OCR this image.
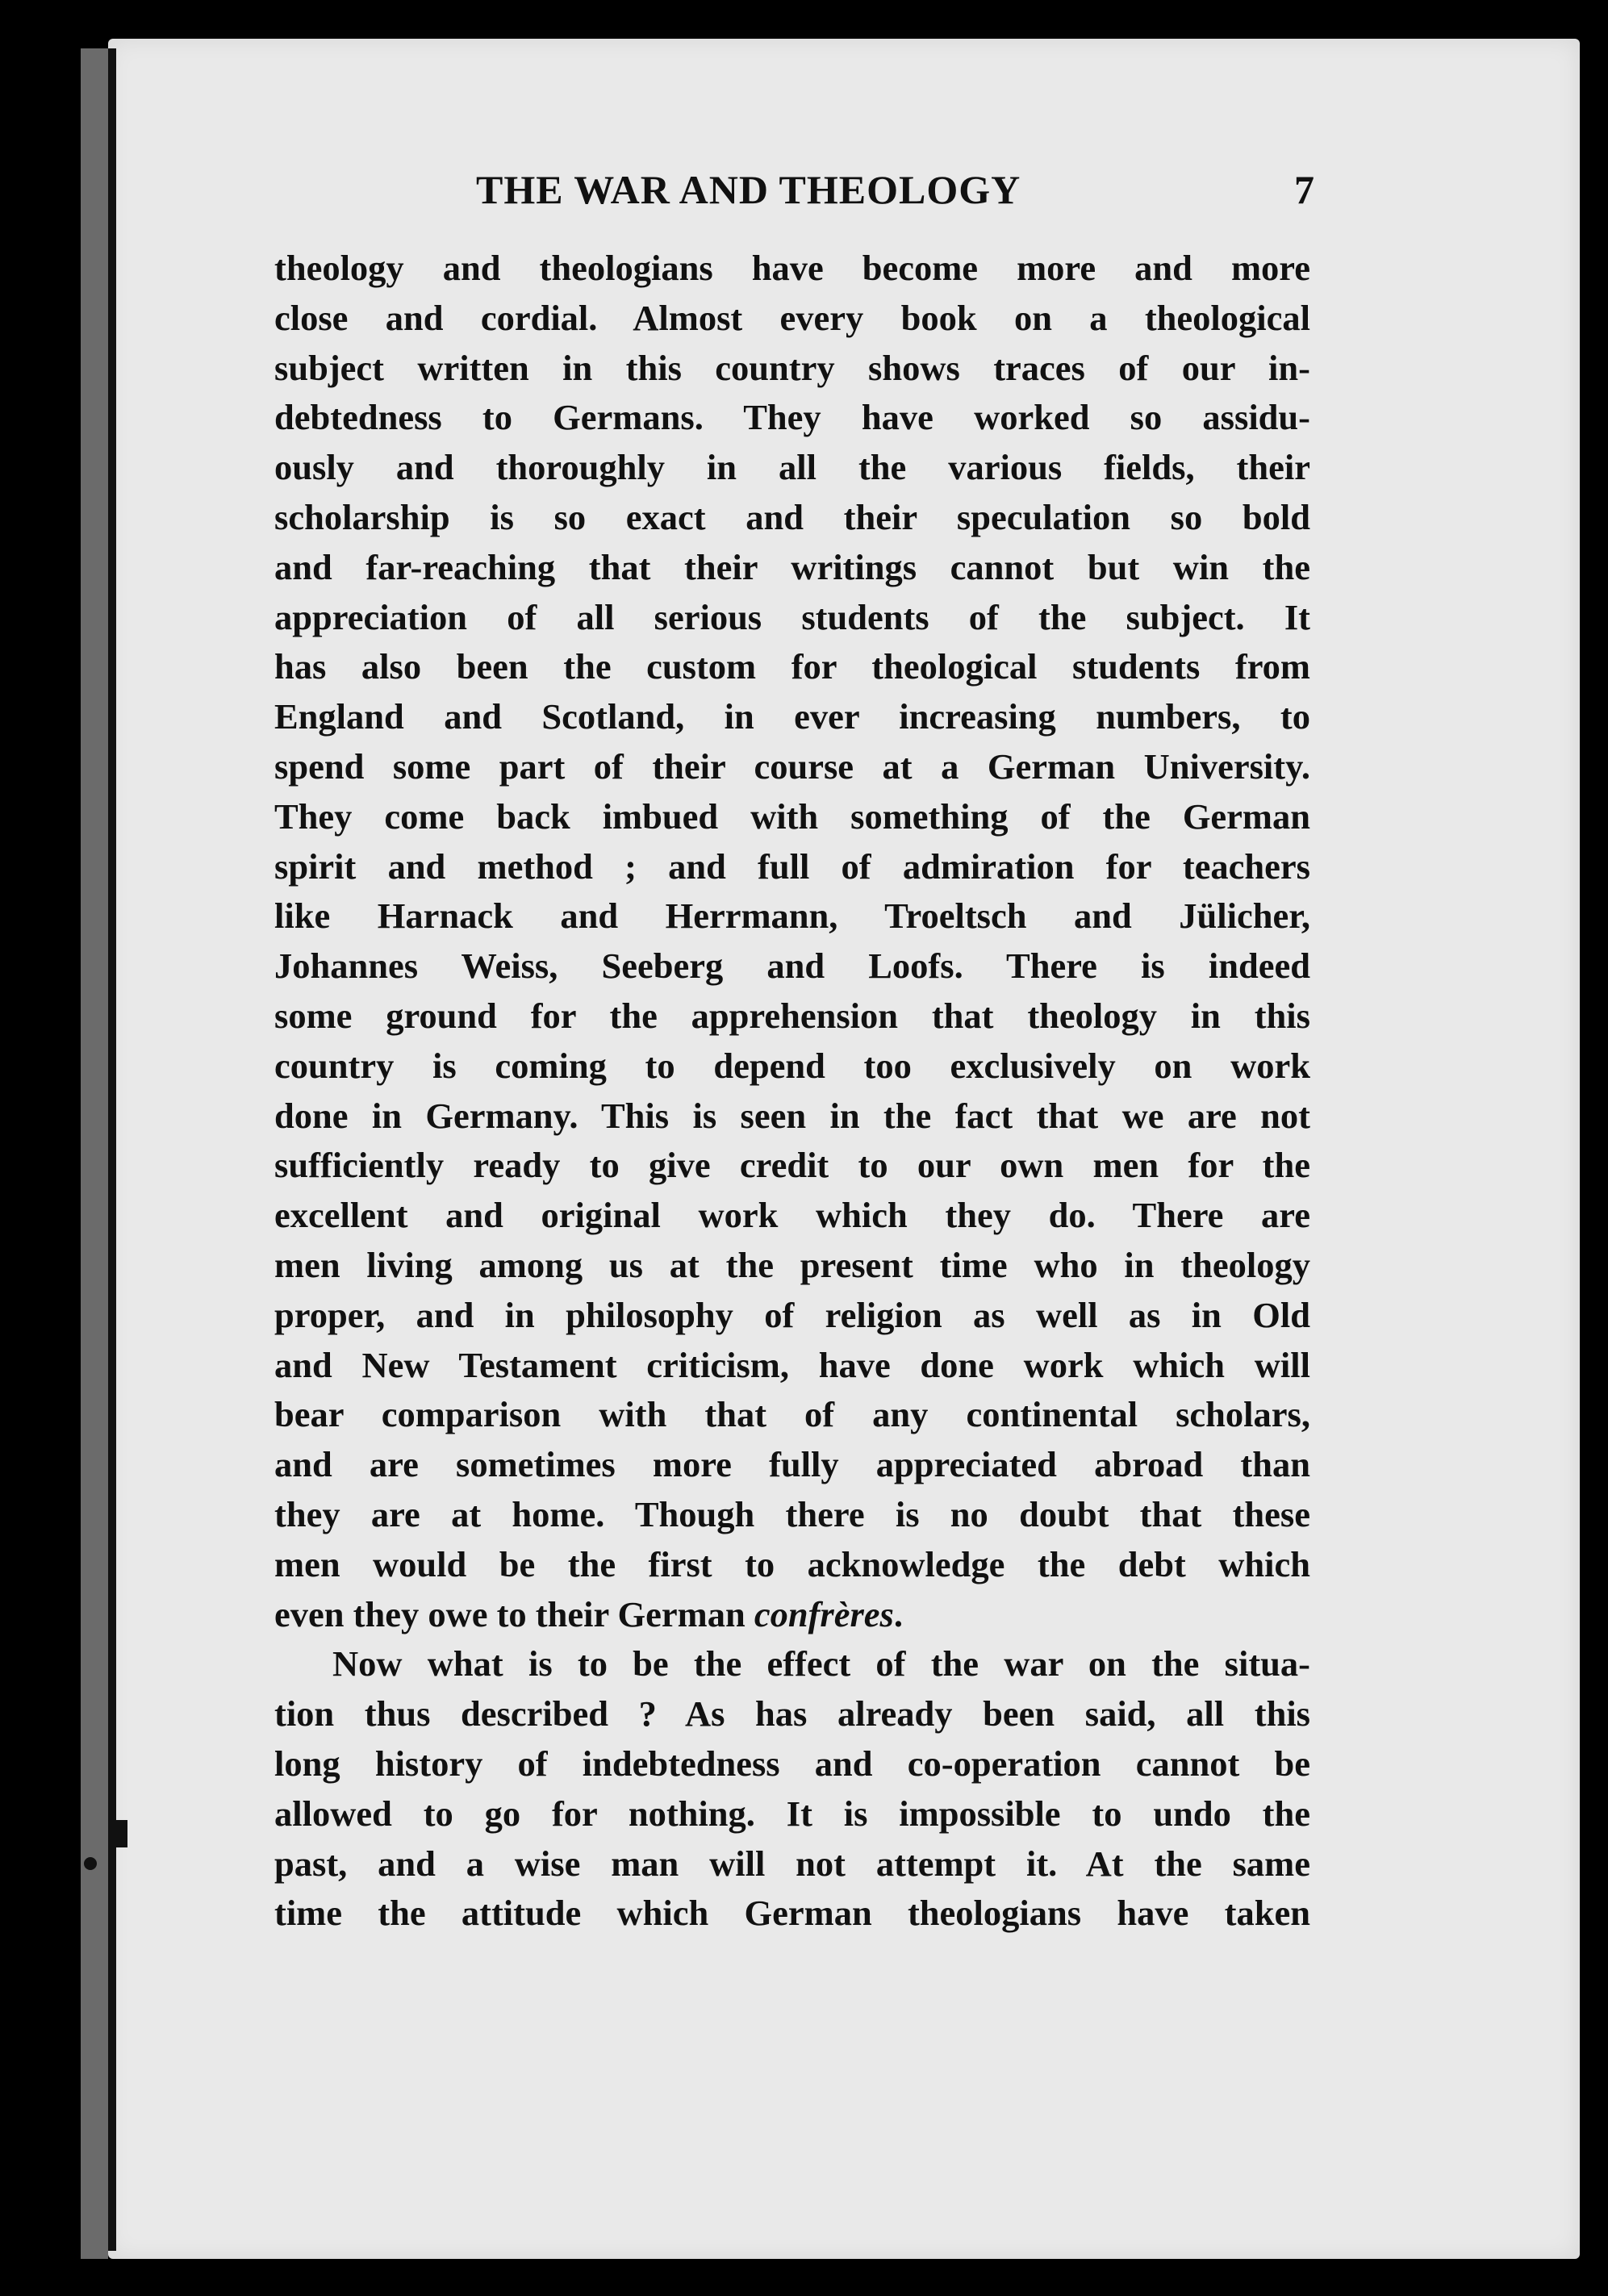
THE WAR AND THEOLOGY	7
theology and theologians have become more and more
close and cordial. Almost every book on a theological
subject written in this country shows traces of our in-
debtedness to Germans. They have worked so assidu-
ously and thoroughly in all the various fields, their
scholarship is so exact and their speculation so bold
and far-reaching that their writings cannot but win the
appreciation of all serious students of the subject. It
has also been the custom for theological students from
England and Scotland, in ever increasing numbers, to
spend some part of their course at a German University.
They come back imbued with something of the German
spirit and method ; and full of admiration for teachers
like Harnack and Herrmann, Troeltsch and Jülicher,
Johannes Weiss, Seeberg and Loofs. There is indeed
some ground for the apprehension that theology in this
country is coming to depend too exclusively on work
done in Germany. This is seen in the fact that we are not
sufficiently ready to give credit to our own men for the
excellent and original work which they do. There are
men living among us at the present time who in theology
proper, and in philosophy of religion as well as in Old
and New Testament criticism, have done work which will
bear comparison with that of any continental scholars,
and are sometimes more fully appreciated abroad than
they are at home. Though there is no doubt that these
men would be the first to acknowledge the debt which
even they owe to their German confrères.
Now what is to be the effect of the war on the situa-
tion thus described ? As has already been said, all this
long history of indebtedness and co-operation cannot be
allowed to go for nothing. It is impossible to undo the
past, and a wise man will not attempt it. At the same
time the attitude which German theologians have taken
